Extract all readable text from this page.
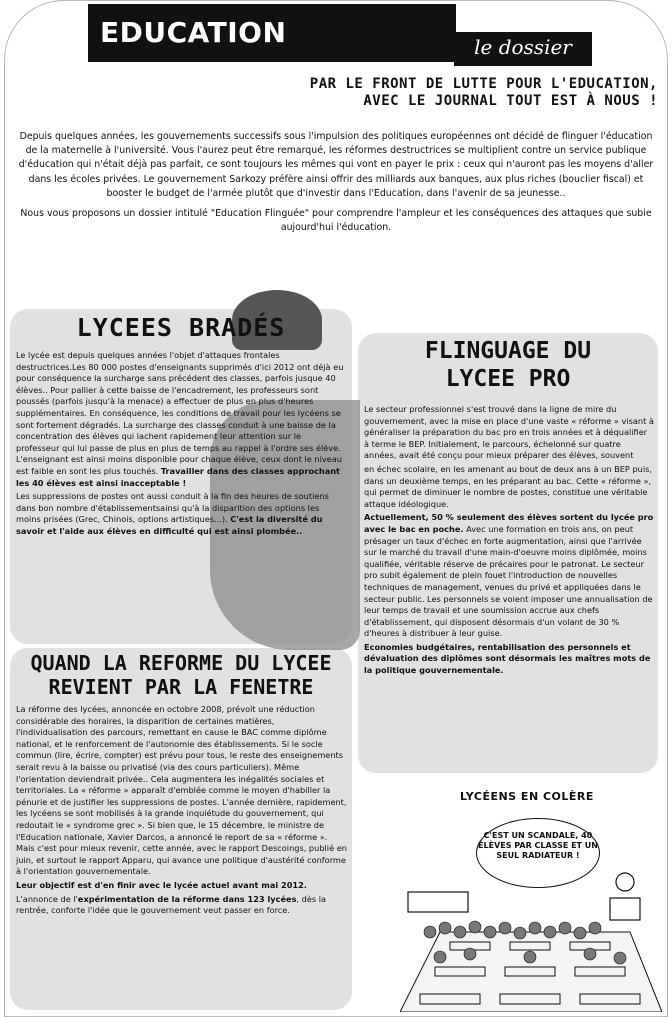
EDUCATION FLINGUEE,
le dossier
PAR LE FRONT DE LUTTE POUR L'EDUCATION,
AVEC LE JOURNAL TOUT EST À NOUS !

Depuis quelques années, les gouvernements successifs sous l'impulsion des politiques européennes ont décidé de flinguer l'éducation de la maternelle à l'université. Vous l'aurez peut être remarqué, les réformes destructrices se multiplient contre un service publique d'éducation qui n'était déjà pas parfait, ce sont toujours les mêmes qui vont en payer le prix : ceux qui n'auront pas les moyens d'aller dans les écoles privées. Le gouvernement Sarkozy préfère ainsi offrir des milliards aux banques, aux plus riches (bouclier fiscal) et booster le budget de l'armée plutôt que d'investir dans l'Education, dans l'avenir de sa jeunesse..

Nous vous proposons un dossier intitulé "Education Flinguée" pour comprendre l'ampleur et les conséquences des attaques que subie aujourd'hui l'éducation.

LYCEES BRADÉS

Le lycée est depuis quelques années l'objet d'attaques frontales destructrices.Les 80 000 postes d'enseignants supprimés d'ici 2012 ont déjà eu pour conséquence la surcharge sans précédent des classes, parfois jusque 40 élèves.. Pour pallier à cette baisse de l'encadrement, les professeurs sont poussés (parfois jusqu'à la menace) a effectuer de plus en plus d'heures supplémentaires. En conséquence, les conditions de travail pour les lycéens se sont fortement dégradés. La surcharge des classes conduit à une baisse de la concentration des élèves qui lachent rapidement leur attention sur le professeur qui lui passe de plus en plus de temps au rappel à l'ordre ses élève. L'enseignant est ainsi moins disponible pour chaque élève, ceux dont le niveau est faible en sont les plus touchés. Travailler dans des classes approchant les 40 élèves est ainsi inacceptable !

Les suppressions de postes ont aussi conduit à la fin des heures de soutiens dans bon nombre d'établissementsainsi qu'à la disparition des options les moins prisées (Grec, Chinois, options artistiques...). C'est la diversité du savoir et l'aide aux élèves en difficulté qui est ainsi plombée..

FLINGUAGE DU
LYCEE PRO

Le secteur professionnel s'est trouvé dans la ligne de mire du gouvernement, avec la mise en place d'une vaste « réforme » visant à généraliser la préparation du bac pro en trois années et à déqualifier à terme le BEP. Initialement, le parcours, échelonné sur quatre années, avait été conçu pour mieux préparer des élèves, souvent

en échec scolaire, en les amenant au bout de deux ans à un BEP puis, dans un deuxième temps, en les préparant au bac. Cette « réforme », qui permet de diminuer le nombre de postes, constitue une véritable attaque idéologique.

Actuellement, 50 % seulement des élèves sortent du lycée pro avec le bac en poche. Avec une formation en trois ans, on peut présager un taux d'échec en forte augmentation, ainsi que l'arrivée sur le marché du travail d'une main-d'oeuvre moins diplômée, moins qualifiée, véritable réserve de précaires pour le patronat. Le secteur pro subit également de plein fouet l'introduction de nouvelles techniques de management, venues du privé et appliquées dans le secteur public. Les personnels se voient imposer une annualisation de leur temps de travail et une soumission accrue aux chefs d'établissement, qui disposent désormais d'un volant de 30 % d'heures à distribuer à leur guise.

Economies budgétaires, rentabilisation des personnels et dévaluation des diplômes sont désormais les maîtres mots de la politique gouvernementale.

QUAND LA REFORME DU LYCEE
REVIENT PAR LA FENETRE

La réforme des lycées, annoncée en octobre 2008, prévoit une réduction considérable des horaires, la disparition de certaines matières, l'individualisation des parcours, remettant en cause le BAC comme diplôme national, et le renforcement de l'autonomie des établissements. Si le socle commun (lire, écrire, compter) est prévu pour tous, le reste des enseignements serait revu à la baisse ou privatisé (via des cours particuliers). Même l'orientation deviendrait privée.. Cela augmentera les inégalités sociales et territoriales. La « réforme » apparaît d'emblée comme le moyen d'habiller la pénurie et de justifier les suppressions de postes. L'année dernière, rapidement, les lycéens se sont mobilisés à la grande inquiétude du gouvernement, qui redoutait le « syndrome grec ». Si bien que, le 15 décembre, le ministre de l'Education nationale, Xavier Darcos, a annoncé le report de sa « réforme ». Mais c'est pour mieux revenir, cette année, avec le rapport Descoings, publié en juin, et surtout le rapport Apparu, qui avance une politique d'austérité conforme à l'orientation gouvernementale.

Leur objectif est d'en finir avec le lycée actuel avant mai 2012.

L'annonce de l'expérimentation de la réforme dans 123 lycées, dès la rentrée, conforte l'idée que le gouvernement veut passer en force.

LYCÉENS EN COLÈRE
C'EST UN SCANDALE, 40 ÉLÈVES PAR CLASSE ET UN SEUL RADIATEUR !
